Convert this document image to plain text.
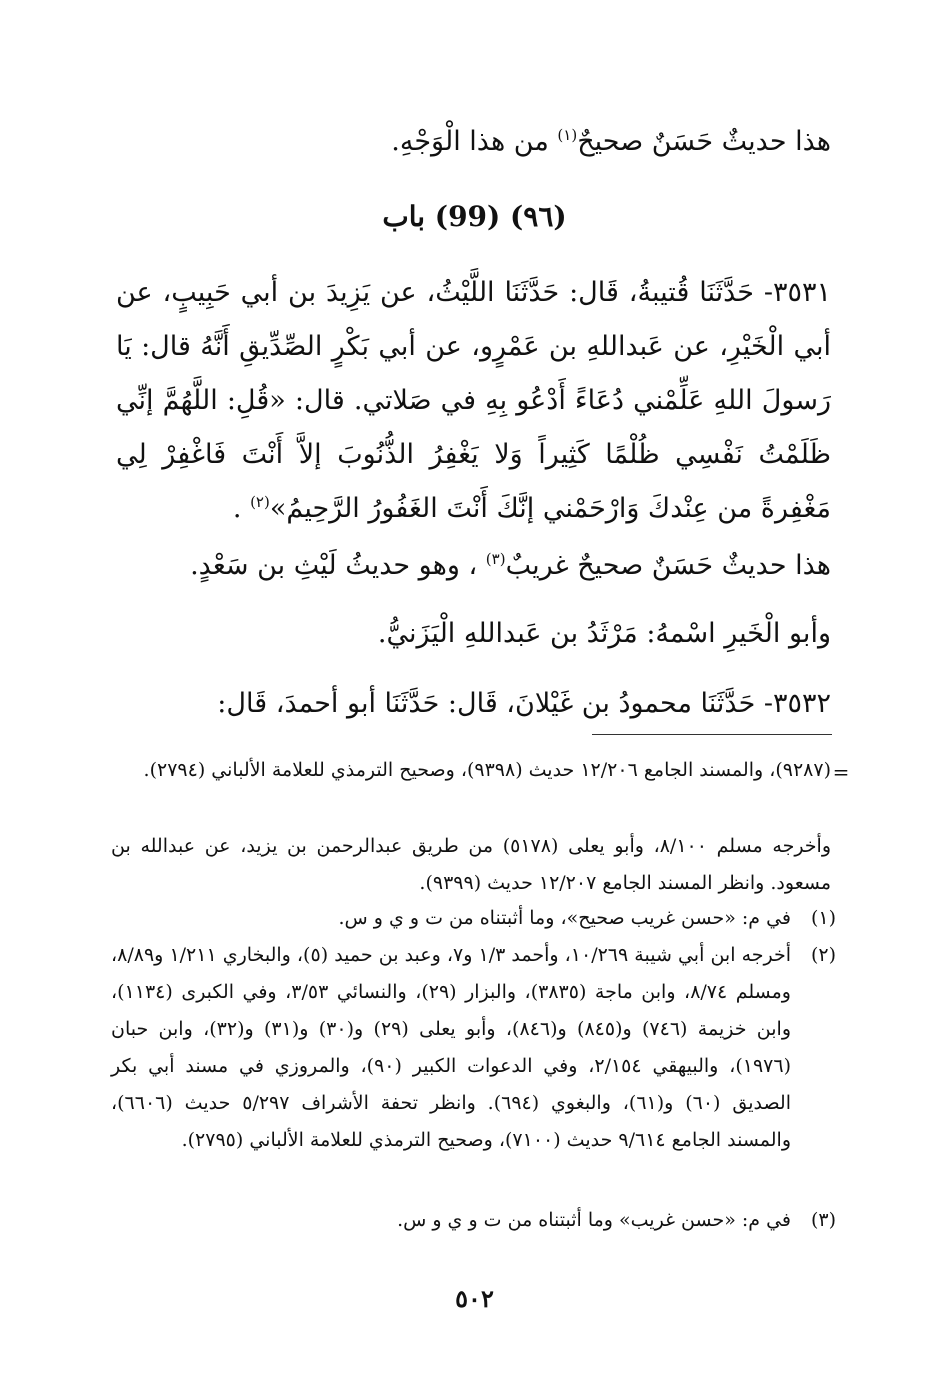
هذا حديثٌ حَسَنٌ صحيحٌ$^{(١)}$ من هذا الْوَجْهِ.
(٩٦) (99) باب
٣٥٣١- حَدَّثَنَا قُتيبةُ، قَال: حَدَّثَنَا اللَّيْثُ، عن يَزِيدَ بن أبي حَبِيبٍ، عن أبي الْخَيْرِ، عن عَبداللهِ بن عَمْرٍو، عن أبي بَكْرٍ الصِّدِّيقِ أَنَّهُ قال: يَا رَسولَ اللهِ عَلِّمْني دُعَاءً أَدْعُو بِهِ في صَلاتي. قال: «قُلِ: اللَّهُمَّ إنِّي ظَلَمْتُ نَفْسِي ظُلْمًا كَثِيراً وَلا يَغْفِرُ الذُّنُوبَ إلاَّ أَنْتَ فَاغْفِرْ لِي مَغْفِرةً من عِنْدكَ وَارْحَمْني إنَّكَ أَنْتَ الغَفُورُ الرَّحِيمُ»$^{(٢)}$ .
هذا حديثٌ حَسَنٌ صحيحٌ غريبٌ$^{(٣)}$ ، وهو حديثُ لَيْثِ بن سَعْدٍ.
وأبو الْخَيرِ اسْمهُ: مَرْثَدُ بن عَبداللهِ الْيَزَنيُّ.
٣٥٣٢- حَدَّثَنَا محمودُ بن غَيْلانَ، قَال: حَدَّثَنَا أبو أحمدَ، قَال:
=
(٩٢٨٧)، والمسند الجامع ١٢/٢٠٦ حديث (٩٣٩٨)، وصحيح الترمذي للعلامة الألباني (٢٧٩٤).
وأخرجه مسلم ٨/١٠٠، وأبو يعلى (٥١٧٨) من طريق عبدالرحمن بن يزيد، عن عبدالله بن مسعود. وانظر المسند الجامع ١٢/٢٠٧ حديث (٩٣٩٩).
(١)
في م: «حسن غريب صحيح»، وما أثبتناه من ت و ي و س.
(٢)
أخرجه ابن أبي شيبة ١٠/٢٦٩، وأحمد ١/٣ و٧، وعبد بن حميد (٥)، والبخاري ١/٢١١ و٨/٨٩، ومسلم ٨/٧٤، وابن ماجة (٣٨٣٥)، والبزار (٢٩)، والنسائي ٣/٥٣، وفي الكبرى (١١٣٤)، وابن خزيمة (٧٤٦) و(٨٤٥) و(٨٤٦)، وأبو يعلى (٢٩) و(٣٠) و(٣١) و(٣٢)، وابن حبان (١٩٧٦)، والبيهقي ٢/١٥٤، وفي الدعوات الكبير (٩٠)، والمروزي في مسند أبي بكر الصديق (٦٠) و(٦١)، والبغوي (٦٩٤). وانظر تحفة الأشراف ٥/٢٩٧ حديث (٦٦٠٦)، والمسند الجامع ٩/٦١٤ حديث (٧١٠٠)، وصحيح الترمذي للعلامة الألباني (٢٧٩٥).
(٣)
في م: «حسن غريب» وما أثبتناه من ت و ي و س.
٥٠٢
